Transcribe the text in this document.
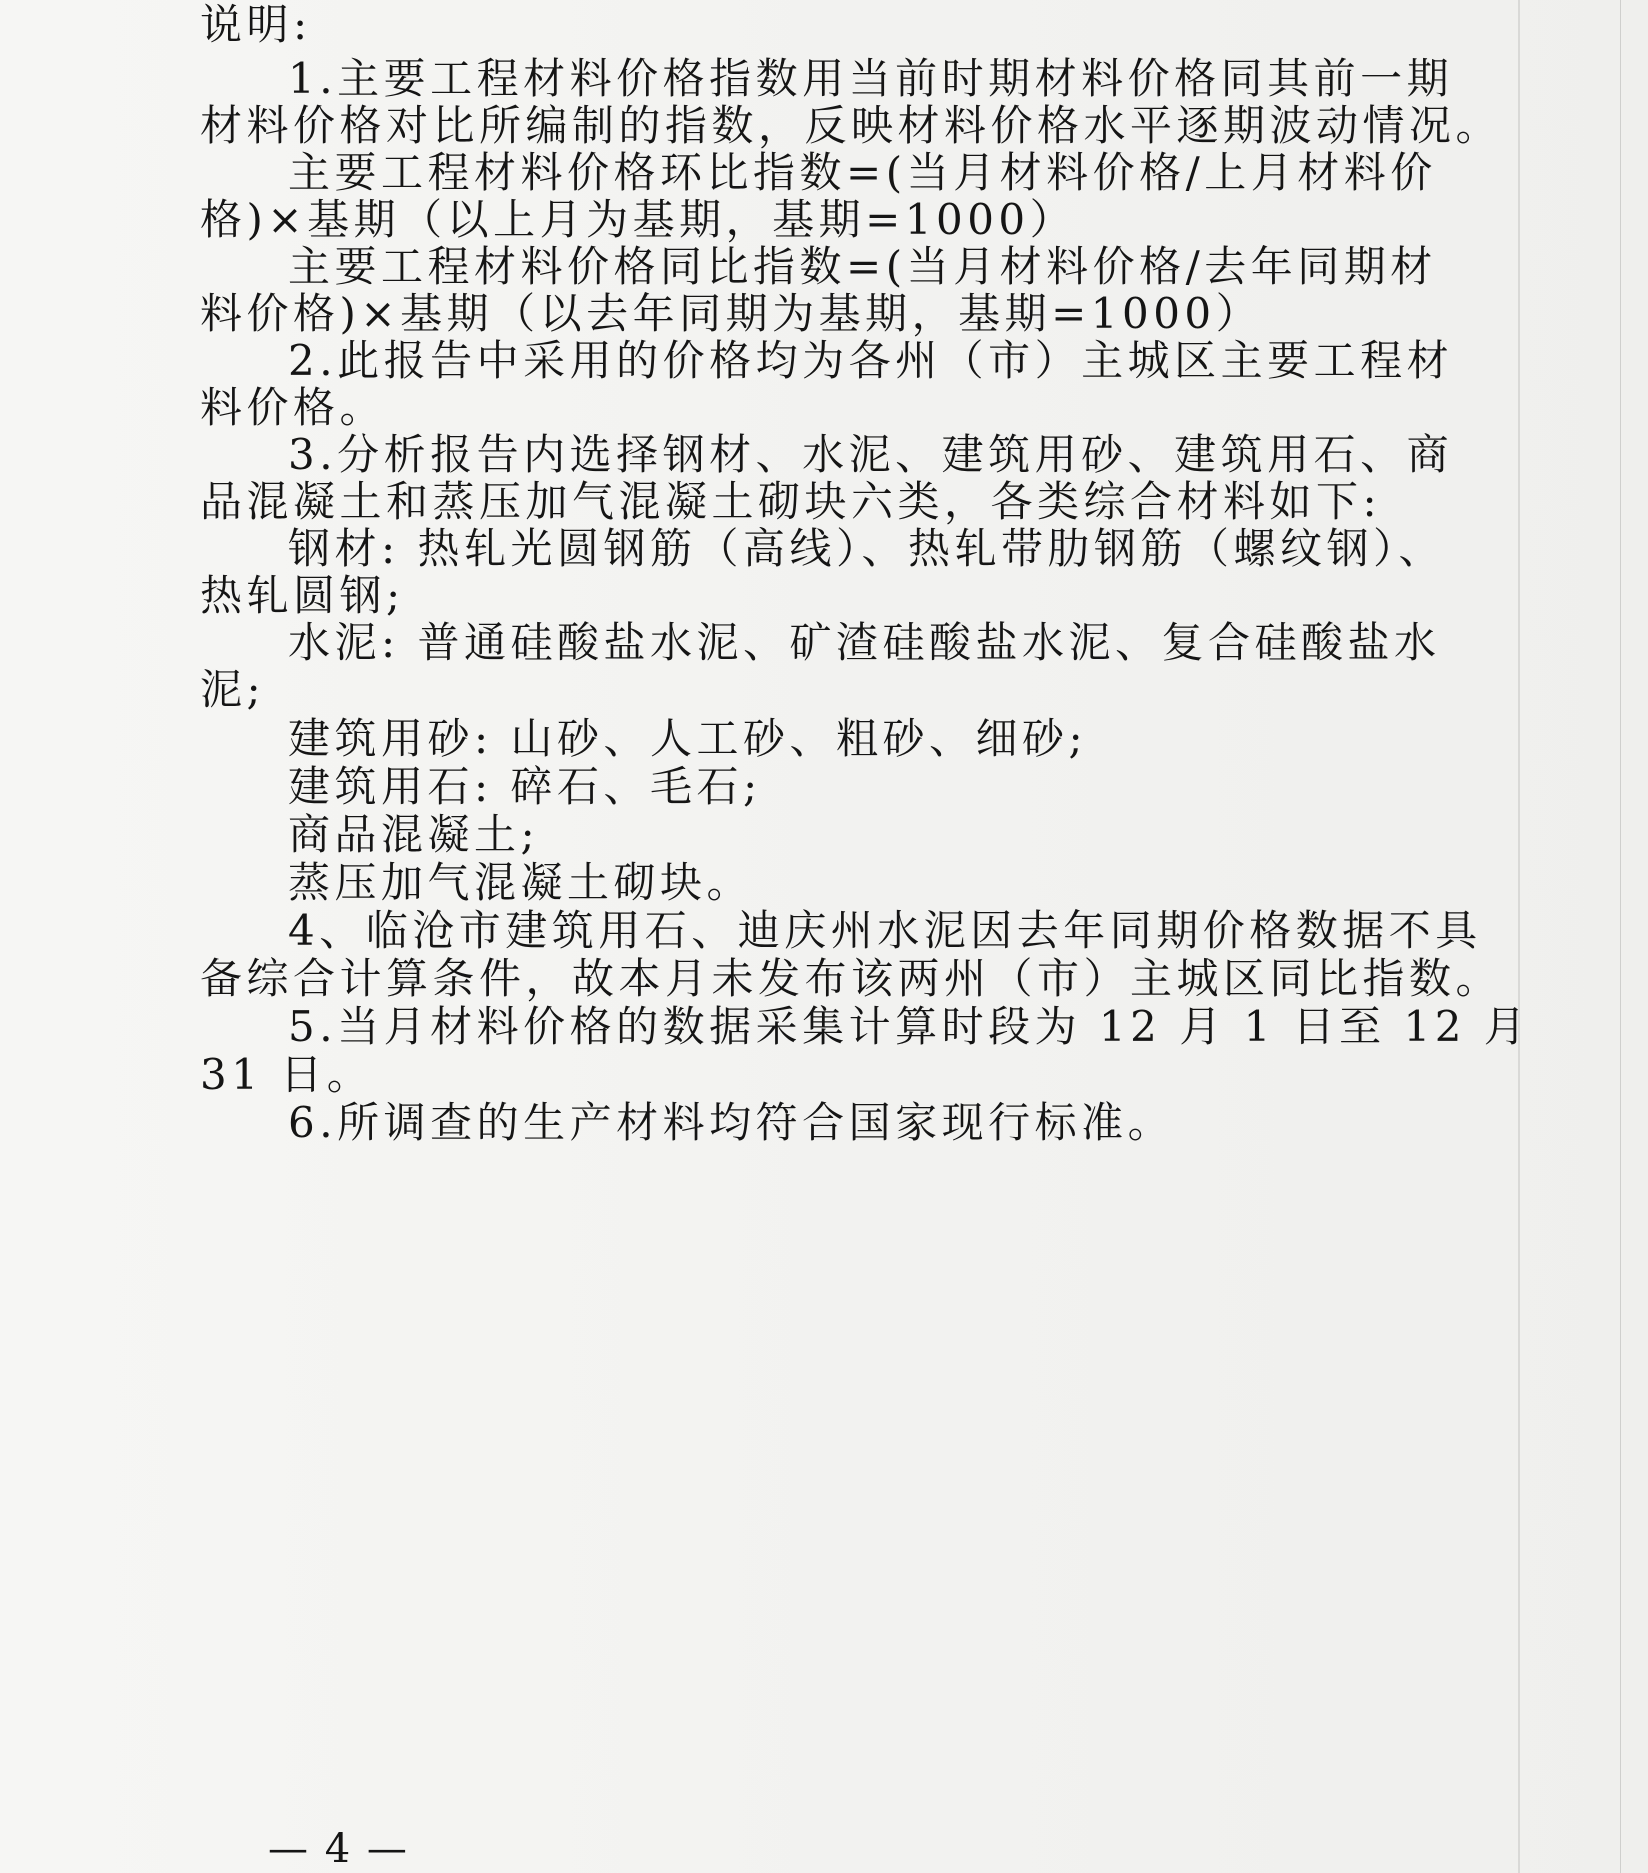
说明:
1.主要工程材料价格指数用当前时期材料价格同其前一期
材料价格对比所编制的指数，反映材料价格水平逐期波动情况。
主要工程材料价格环比指数=(当月材料价格/上月材料价
格)×基期（以上月为基期，基期=1000）
主要工程材料价格同比指数=(当月材料价格/去年同期材
料价格)×基期（以去年同期为基期，基期=1000）
2.此报告中采用的价格均为各州（市）主城区主要工程材
料价格。
3.分析报告内选择钢材、水泥、建筑用砂、建筑用石、商
品混凝土和蒸压加气混凝土砌块六类，各类综合材料如下:
钢材: 热轧光圆钢筋（高线）、热轧带肋钢筋（螺纹钢）、
热轧圆钢;
水泥: 普通硅酸盐水泥、矿渣硅酸盐水泥、复合硅酸盐水
泥;
建筑用砂: 山砂、人工砂、粗砂、细砂;
建筑用石: 碎石、毛石;
商品混凝土;
蒸压加气混凝土砌块。
4、临沧市建筑用石、迪庆州水泥因去年同期价格数据不具
备综合计算条件，故本月未发布该两州（市）主城区同比指数。
5.当月材料价格的数据采集计算时段为 12 月 1 日至 12 月
31 日。
6.所调查的生产材料均符合国家现行标准。
— 4 —
